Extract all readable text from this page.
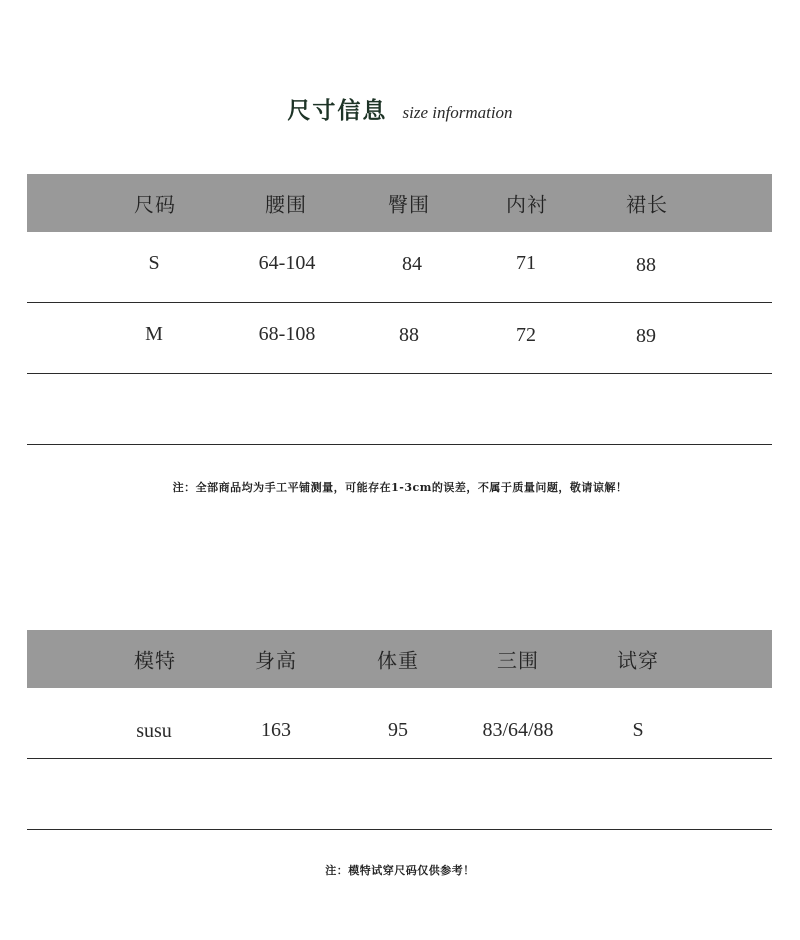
尺寸信息 size information
尺码	腰围	臀围	内衬	裙长
S	64-104	84	71	88
M	68-108	88	72	89
注：全部商品均为手工平铺测量，可能存在1-3cm的误差，不属于质量问题，敬请谅解！
模特	身高	体重	三围	试穿
susu	163	95	83/64/88	S
注：模特试穿尺码仅供参考！
